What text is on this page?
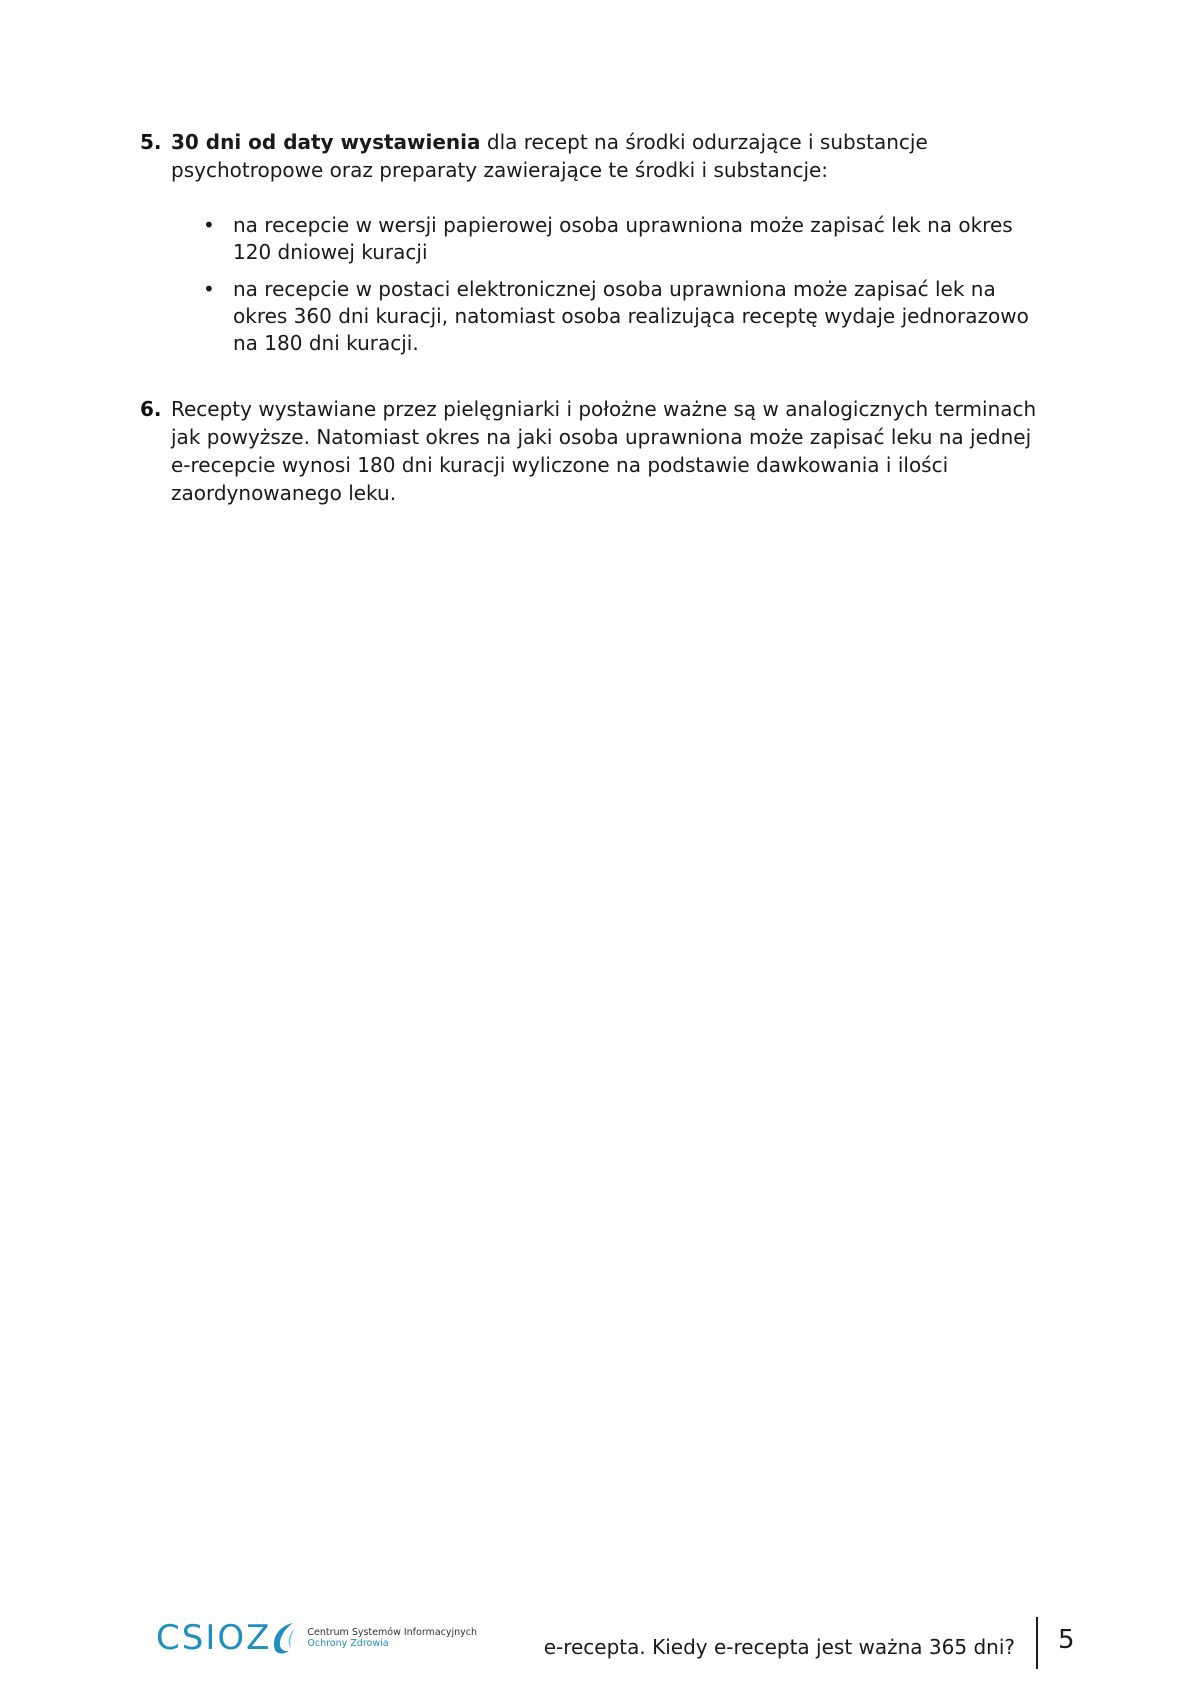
5. 30 dni od daty wystawienia dla recept na środki odurzające i substancje psychotropowe oraz preparaty zawierające te środki i substancje:
• na recepcie w wersji papierowej osoba uprawniona może zapisać lek na okres 120 dniowej kuracji
• na recepcie w postaci elektronicznej osoba uprawniona może zapisać lek na okres 360 dni kuracji, natomiast osoba realizująca receptę wydaje jednorazowo na 180 dni kuracji.
6. Recepty wystawiane przez pielęgniarki i położne ważne są w analogicznych terminach jak powyższe. Natomiast okres na jaki osoba uprawniona może zapisać leku na jednej e-recepcie wynosi 180 dni kuracji wyliczone na podstawie dawkowania i ilości zaordynowanego leku.
CSIOZ	Centrum Systemów Informacyjnych
Ochrony Zdrowia	e-recepta. Kiedy e-recepta jest ważna 365 dni? 5
